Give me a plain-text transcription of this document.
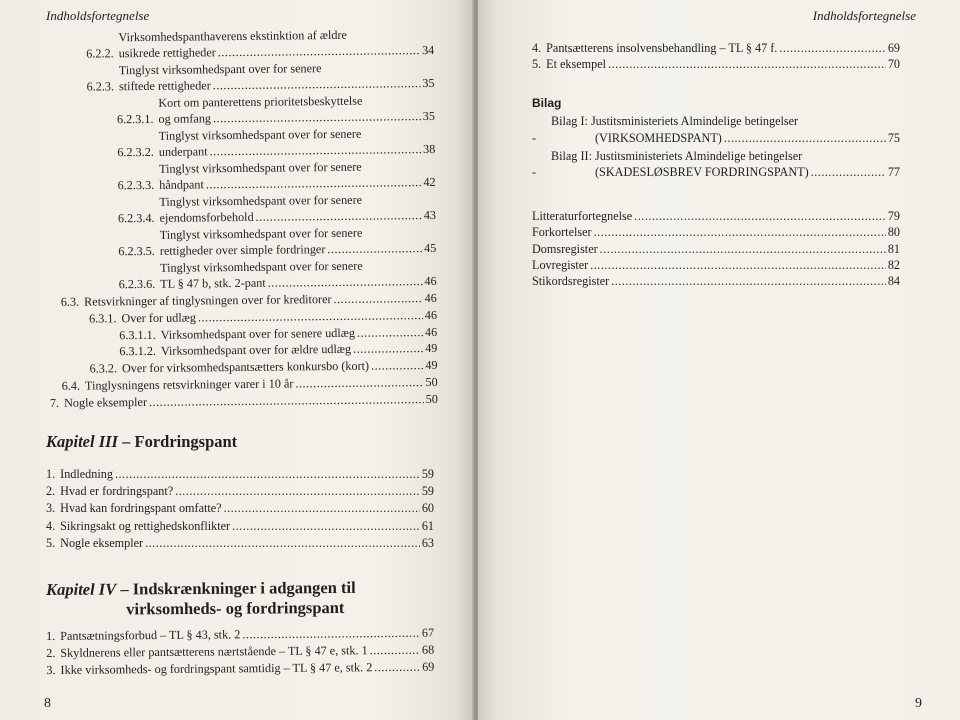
Indholdsfortegnelse
6.2.2.
Virksomhedspanthaverens ekstinktion af ældre
usikrede rettigheder .....	34
6.2.3.
Tinglyst virksomhedspant over for senere
stiftede rettigheder .....	35
6.2.3.1.
Kort om panterettens prioritetsbeskyttelse
og omfang .....	35
6.2.3.2.
Tinglyst virksomhedspant over for senere
underpant .....	38
6.2.3.3.
Tinglyst virksomhedspant over for senere
håndpant .....	42
6.2.3.4.
Tinglyst virksomhedspant over for senere
ejendomsforbehold .....	43
6.2.3.5.
Tinglyst virksomhedspant over for senere
rettigheder over simple fordringer .....	45
6.2.3.6.
Tinglyst virksomhedspant over for senere
TL § 47 b, stk. 2-pant .....	46
6.3. Retsvirkninger af tinglysningen over for kreditorer .....	46
6.3.1. Over for udlæg .....	46
6.3.1.1. Virksomhedspant over for senere udlæg .....	46
6.3.1.2. Virksomhedspant over for ældre udlæg .....	49
6.3.2. Over for virksomhedspantsætters konkursbo (kort) .....	49
6.4. Tinglysningens retsvirkninger varer i 10 år .....	50
7. Nogle eksempler .....	50
Kapitel III – Fordringspant
1. Indledning .....	59
2. Hvad er fordringspant? .....	59
3. Hvad kan fordringspant omfatte? .....	60
4. Sikringsakt og rettighedskonflikter .....	61
5. Nogle eksempler .....	63
Kapitel IV – Indskrænkninger i adgangen til
virksomheds- og fordringspant
1. Pantsætningsforbud – TL § 43, stk. 2 .....	67
2. Skyldnerens eller pantsætterens nærtstående – TL § 47 e, stk. 1 .....	68
3. Ikke virksomheds- og fordringspant samtidig – TL § 47 e, stk. 2 .....	69
8
Indholdsfortegnelse
4. Pantsætterens insolvensbehandling – TL § 47 f. .....	69
5. Et eksempel .....	70
Bilag
-
Bilag I: Justitsministeriets Almindelige betingelser
(VIRKSOMHEDSPANT) .....	75
-
Bilag II: Justitsministeriets Almindelige betingelser
(SKADESLØSBREV FORDRINGSPANT) .....	77
Litteraturfortegnelse .....	79
Forkortelser .....	80
Domsregister .....	81
Lovregister .....	82
Stikordsregister .....	84
9
